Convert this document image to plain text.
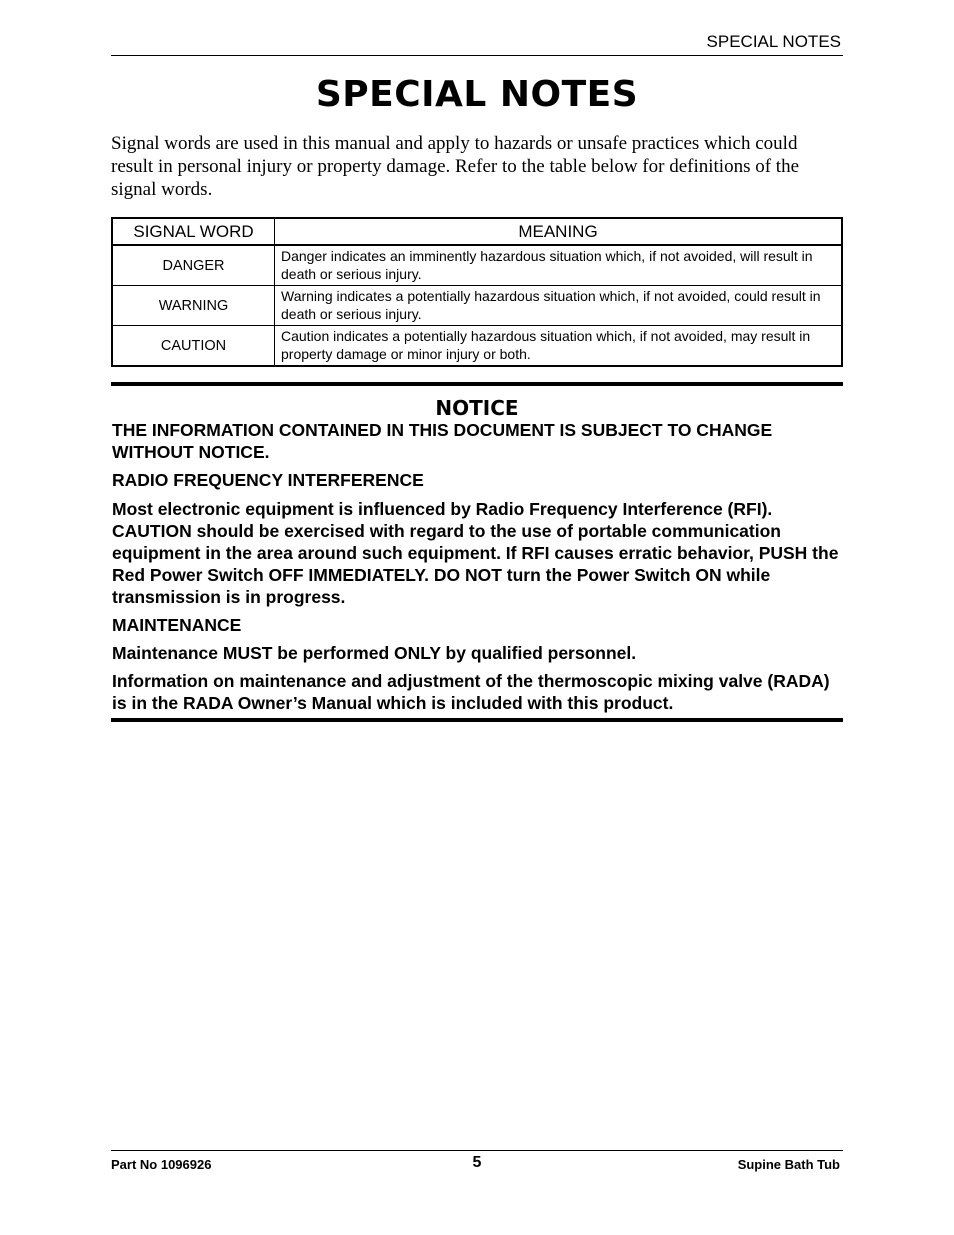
SPECIAL NOTES
SPECIAL NOTES

Signal words are used in this manual and apply to hazards or unsafe practices which could result in personal injury or property damage. Refer to the table below for definitions of the signal words.

SIGNAL WORD	MEANING
DANGER	Danger indicates an imminently hazardous situation which, if not avoided, will result in death or serious injury.
WARNING	Warning indicates a potentially hazardous situation which, if not avoided, could result in death or serious injury.
CAUTION	Caution indicates a potentially hazardous situation which, if not avoided, may result in property damage or minor injury or both.
NOTICE

THE INFORMATION CONTAINED IN THIS DOCUMENT IS SUBJECT TO CHANGE WITHOUT NOTICE.

RADIO FREQUENCY INTERFERENCE

Most electronic equipment is influenced by Radio Frequency Interference (RFI). CAUTION should be exercised with regard to the use of portable communication equipment in the area around such equipment. If RFI causes erratic behavior, PUSH the Red Power Switch OFF IMMEDIATELY. DO NOT turn the Power Switch ON while transmission is in progress.

MAINTENANCE

Maintenance MUST be performed ONLY by qualified personnel.

Information on maintenance and adjustment of the thermoscopic mixing valve (RADA) is in the RADA Owner’s Manual which is included with this product.

Part No 1096926	5	Supine Bath Tub
